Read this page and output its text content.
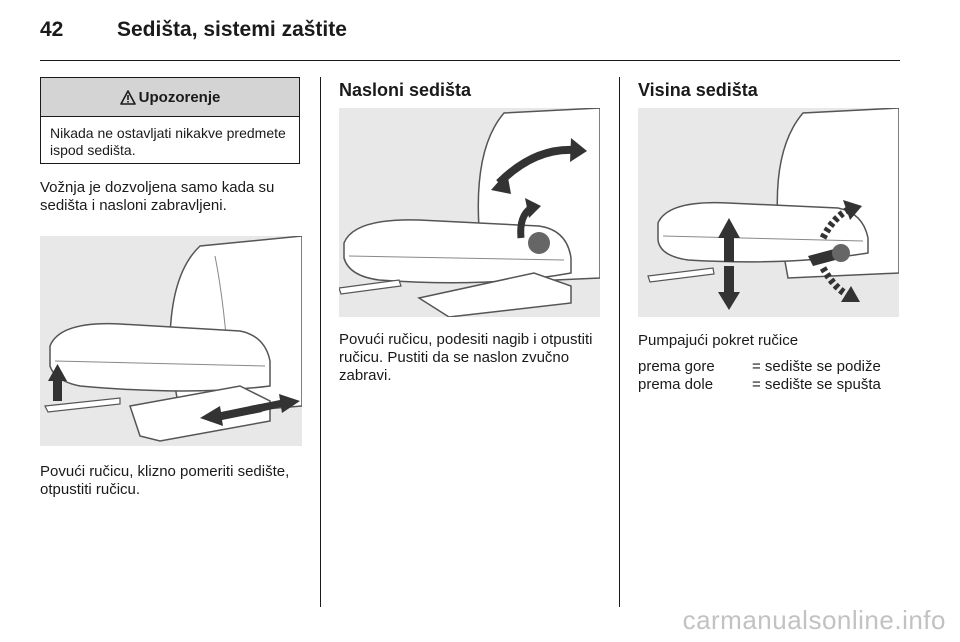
42	Sedišta, sistemi zaštite
Upozorenje
Nikada ne ostavljati nikakve predmete ispod sedišta.
Vožnja je dozvoljena samo kada su sedišta i nasloni zabravljeni.
Povući ručicu, klizno pomeriti sedište, otpustiti ručicu.
Nasloni sedišta
Povući ručicu, podesiti nagib i otpustiti ručicu. Pustiti da se naslon zvučno zabravi.
Visina sedišta
Pumpajući pokret ručice
prema gore	= sedište se podiže
prema dole	= sedište se spušta
carmanualsonline.info
